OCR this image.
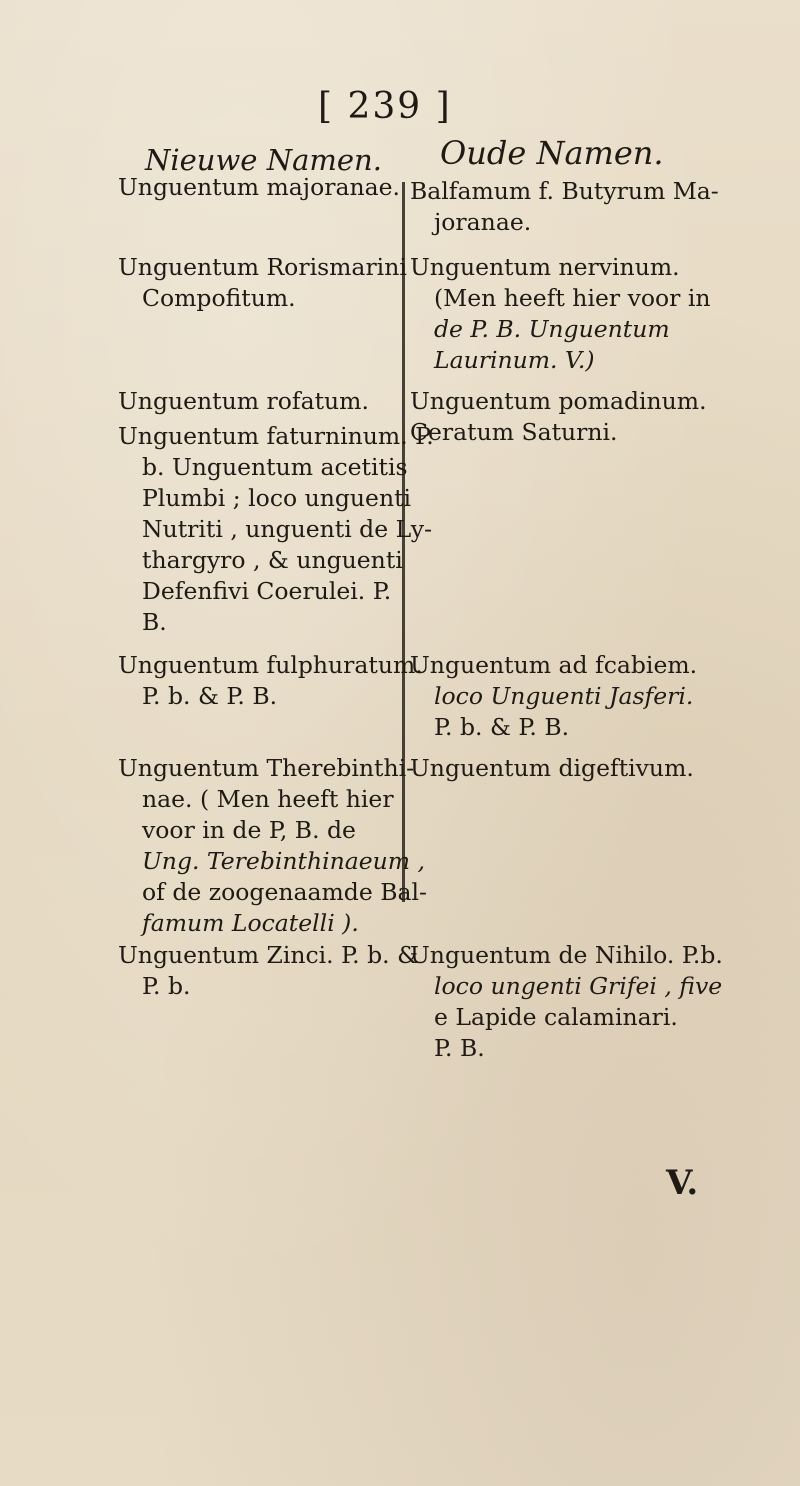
[ 239 ]
Nieuwe Namen. Oude Namen.
Unguentum majoranae.
Unguentum Rorismarini
Compofitum.
Unguentum rofatum.
Unguentum faturninum. P.
b. Unguentum acetitis
Plumbi ; loco unguenti
Nutriti , unguenti de Ly-
thargyro , & unguenti
Defenfivi Coerulei. P.
B.
Unguentum fulphuratum.
P. b. & P. B.
Unguentum Therebinthi-
nae. ( Men heeft hier
voor in de P, B. de
Ung. Terebinthinaeum ,
of de zoogenaamde Bal-
famum Locatelli ).
Unguentum Zinci. P. b. &
P. b.
Balfamum f. Butyrum Ma-
joranae.
Unguentum nervinum.
(Men heeft hier voor in
de P. B. Unguentum
Laurinum. V.)
Unguentum pomadinum.
Ceratum Saturni.
Unguentum ad fcabiem.
loco Unguenti Jasferi.
P. b. & P. B.
Unguentum digeftivum.
Unguentum de Nihilo. P.b.
loco ungenti Grifei , five
e Lapide calaminari.
P. B.
V.
